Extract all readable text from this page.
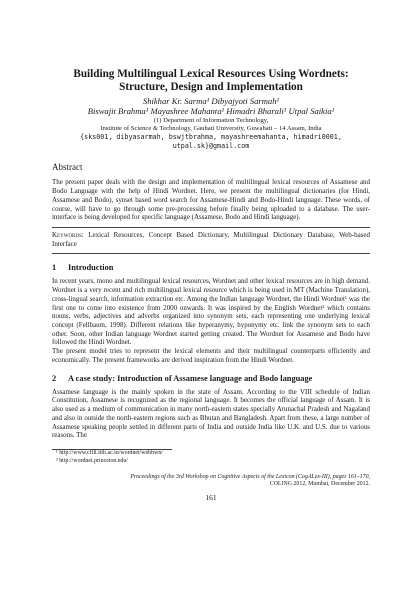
Building Multilingual Lexical Resources Using Wordnets:
Structure, Design and Implementation
Shikhar Kr. Sarma¹ Dibyajyoti Sarmah¹
Biswajit Brahma¹ Mayashree Mahanta¹ Himadri Bharali¹ Utpal Saikia¹
(1) Department of Information Technology,
Institute of Science & Technology, Gauhati University, Guwahati – 14 Assam, India
{sks001, dibyasarmah, bswjtbrahma, mayashreemahanta, himadri0001,
utpal.sk}@gmail.com
Abstract

The present paper deals with the design and implementation of multilingual lexical resources of Assamese and Bodo Language with the help of Hindi Wordnet. Here, we present the multilingual dictionaries (for Hindi, Assamese and Bodo), synset based word search for Assamese-Hindi and Bodo-Hindi language. These words, of course, will have to go through some pre-processing before finally being uploaded to a database. The user-interface is being developed for specific language (Assamese, Bodo and Hindi language).

Keywords: Lexical Resources, Concept Based Dictionary, Multilingual Dictionary Database, Web-based Interface

1	Introduction

In recent years, mono and multilingual lexical resources, Wordnet and other lexical resources are in high demand. Wordnet is a very recent and rich multilingual lexical resource which is being used in MT (Machine Translation), cross-lingual search, information extraction etc. Among the Indian language Wordnet, the Hindi Wordnet¹ was the first one to come into existence from 2000 onwards. It was inspired by the English Wordnet² which contains nouns, verbs, adjectives and adverbs organized into synonym sets, each representing one underlying lexical concept (Fellbaum, 1998). Different relations like hyperanymy, hyponymy etc. link the synonym sets to each other. Soon, other Indian language Wordnet started getting created. The Wordnet for Assamese and Bodo have followed the Hindi Wordnet.

The present model tries to represent the lexical elements and their multilingual counterparts efficiently and economically. The present frameworks are derived inspiration from the Hindi Wordnet.

2	A case study: Introduction of Assamese language and Bodo language

Assamese language is the mainly spoken in the state of Assam. According to the VIII schedule of Indian Constitution, Assamese is recognized as the regional language. It becomes the official language of Assam. It is also used as a medium of communication in many north-eastern states specially Arunachal Pradesh and Nagaland and also in outside the north-eastern regions such as Bhutan and Bangladesh. Apart from these, a large number of Assamese speaking people settled in different parts of India and outside India like U.K. and U.S. due to various reasons. The

¹ http://www.cfilt.iitb.ac.in/wordnet/webhwn/
² http://wordnet.princeton.edu/
Proceedings of the 3rd Workshop on Cognitive Aspects of the Lexicon (CogALex-III), pages 161–170,
COLING 2012, Mumbai, December 2012.
161
